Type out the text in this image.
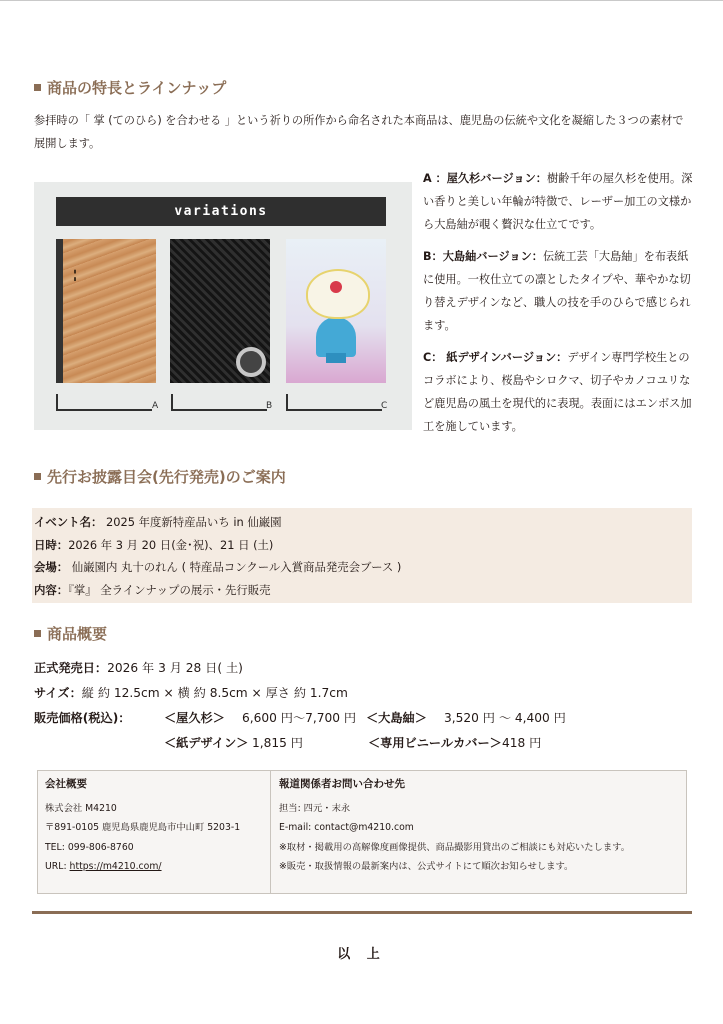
商品の特長とラインナップ
参拝時の「 掌 (てのひら) を合わせる 」という祈りの所作から命名された本商品は、鹿児島の伝統や文化を凝縮した３つの素材で展開します。
variations
▮ ▮
A	B	C

A ：屋久杉バージョン：樹齢千年の屋久杉を使用。深い香りと美しい年輪が特徴で、レーザー加工の文様から大島紬が覗く贅沢な仕立てです。

B：大島紬バージョン：伝統工芸「大島紬」を布表紙に使用。一枚仕立ての凛としたタイプや、華やかな切り替えデザインなど、職人の技を手のひらで感じられます。

C： 紙デザインバージョン：デザイン専門学校生とのコラボにより、桜島やシロクマ、切子やカノコユリなど鹿児島の風土を現代的に表現。表面にはエンボス加工を施しています。

先行お披露目会(先行発売)のご案内
イベント名： 2025 年度新特産品いち in 仙巌園
日時：2026 年 3 月 20 日(金･祝)、21 日 (土)
会場： 仙巌園内 丸十のれん ( 特産品コンクール入賞商品発売会ブース )
内容：『掌』 全ラインナップの展示・先行販売
商品概要
正式発売日：2026 年 3 月 28 日( 土)
サイズ：縦 約 12.5cm × 横 約 8.5cm × 厚さ 約 1.7cm
販売価格(税込)：	＜屋久杉＞ 6,600 円～7,700 円 ＜大島紬＞ 3,520 円 ～ 4,400 円
＜紙デザイン＞ 1,815 円	＜専用ビニールカバー＞ 418 円
会社概要
株式会社 M4210
〒891-0105 鹿児島県鹿児島市中山町 5203-1
TEL: 099-806-8760
URL: https://m4210.com/
報道関係者お問い合わせ先
担当: 四元・末永
E-mail: contact@m4210.com
※取材・掲載用の高解像度画像提供、商品撮影用貸出のご相談にも対応いたします。
※販売・取扱情報の最新案内は、公式サイトにて順次お知らせします。
以 上
